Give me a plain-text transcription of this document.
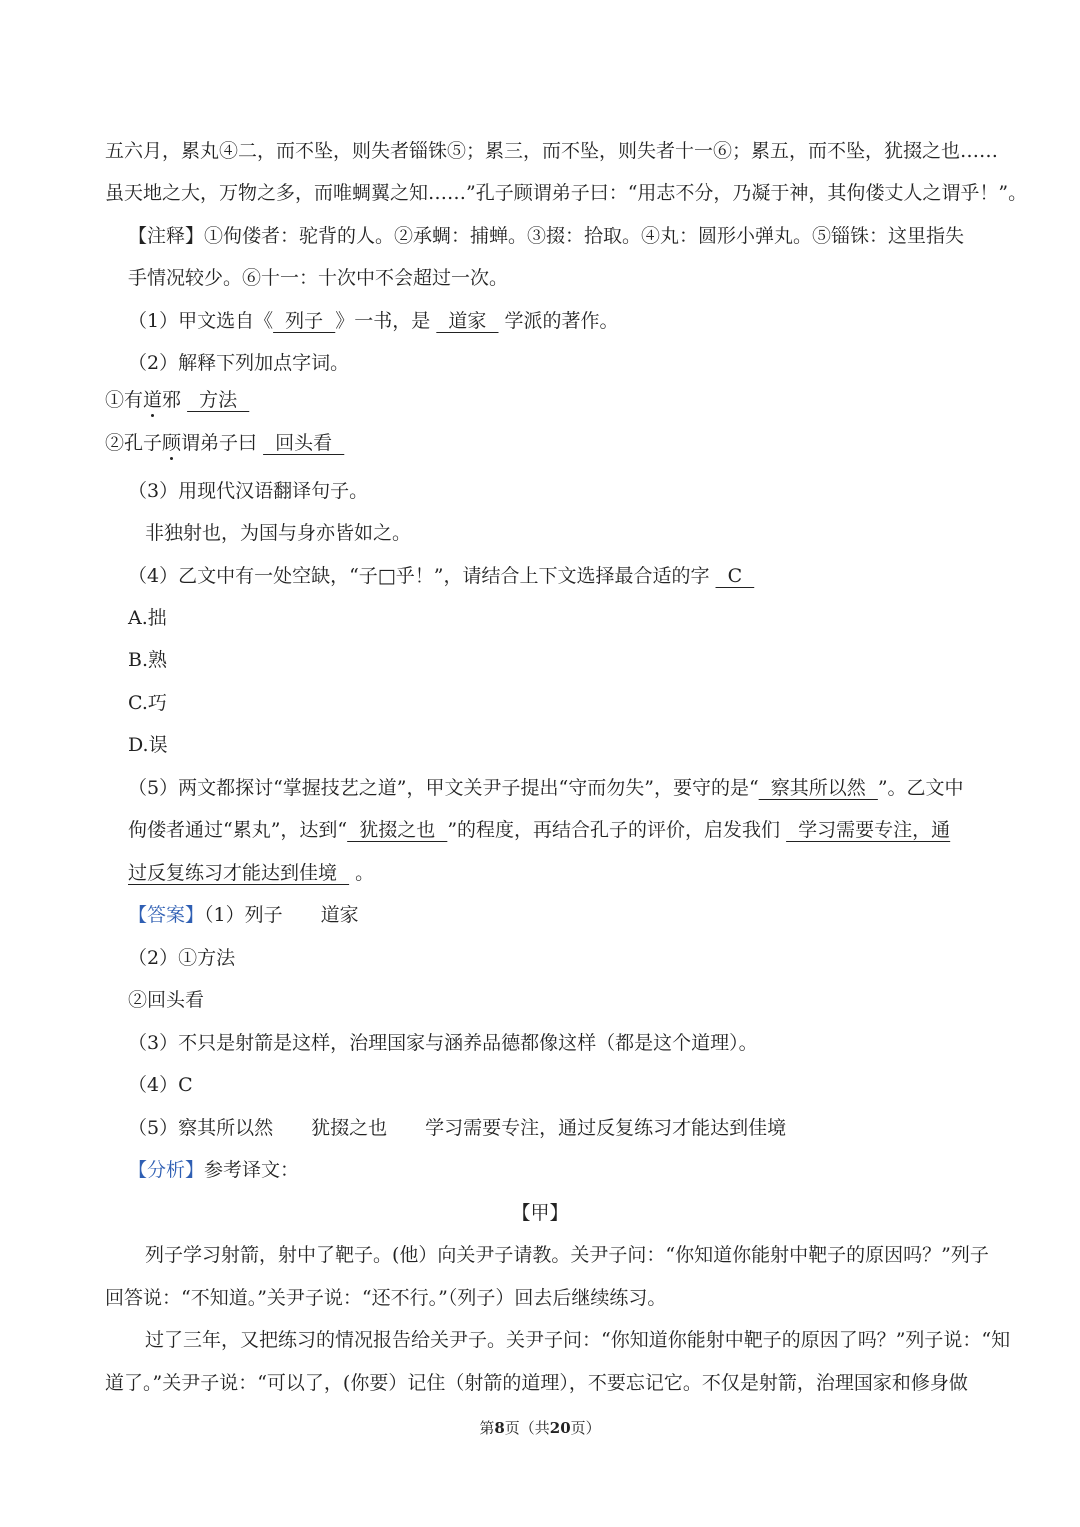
五六月，累丸④二，而不坠，则失者锱铢⑤；累三，而不坠，则失者十一⑥；累五，而不坠，犹掇之也……
虽天地之大，万物之多，而唯蜩翼之知……”孔子顾谓弟子曰：“用志不分，乃凝于神，其佝偻丈人之谓乎！”。
【注释】①佝偻者：驼背的人。②承蜩：捕蝉。③掇：拾取。④丸：圆形小弹丸。⑤锱铢：这里指失
手情况较少。⑥十一：十次中不会超过一次。
（1）甲文选自《  列子  》一书，是   道家   学派的著作。
（2）解释下列加点字词。
①有道邪   方法
②孔子顾谓弟子曰   回头看
（3）用现代汉语翻译句子。
非独射也，为国与身亦皆如之。
（4）乙文中有一处空缺，“子□乎！”，请结合上下文选择最合适的字   C
A.拙
B.熟
C.巧
D.误
（5）两文都探讨“掌握技艺之道”，甲文关尹子提出“守而勿失”，要守的是“  察其所以然  ”。乙文中
佝偻者通过“累丸”，达到“  犹掇之也  ”的程度，再结合孔子的评价，启发我们   学习需要专注，通
过反复练习才能达到佳境   。
【答案】（1）列子　　道家
（2）①方法
②回头看
（3）不只是射箭是这样，治理国家与涵养品德都像这样（都是这个道理）。
（4）C
（5）察其所以然　　犹掇之也　　学习需要专注，通过反复练习才能达到佳境
【分析】参考译文：
【甲】
列子学习射箭，射中了靶子。(他）向关尹子请教。关尹子问：“你知道你能射中靶子的原因吗？”列子
回答说：“不知道。”关尹子说：“还不行。”（列子）回去后继续练习。
过了三年，又把练习的情况报告给关尹子。关尹子问：“你知道你能射中靶子的原因了吗？”列子说：“知
道了。”关尹子说：“可以了，(你要）记住（射箭的道理），不要忘记它。不仅是射箭，治理国家和修身做
第8页（共20页）
